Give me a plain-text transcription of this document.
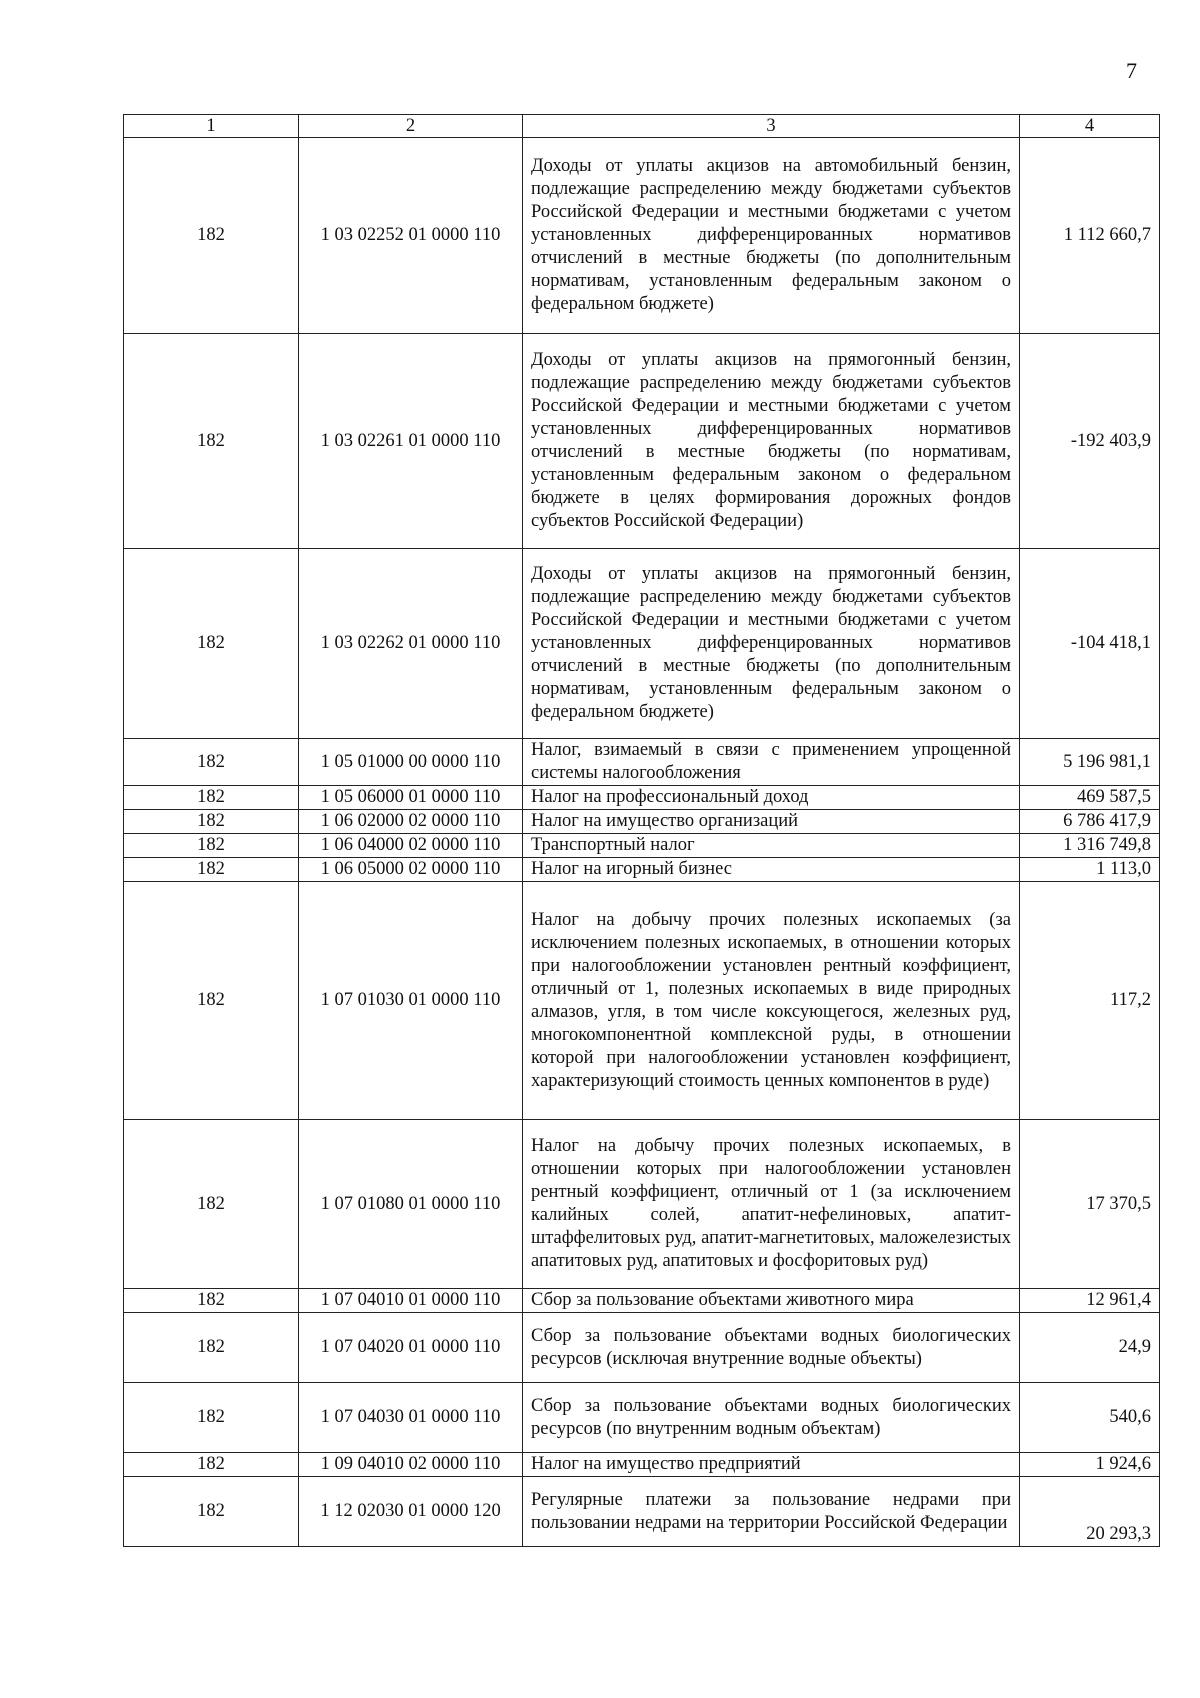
7
1	2	3	4
182	1 03 02252 01 0000 110	Доходы от уплаты акцизов на автомобильный бензин, подлежащие распределению между бюджетами субъектов Российской Федерации и местными бюджетами с учетом установленных дифференцированных нормативов отчислений в местные бюджеты (по дополнительным нормативам, установленным федеральным законом о федеральном бюджете)	1 112 660,7
182	1 03 02261 01 0000 110	Доходы от уплаты акцизов на прямогонный бензин, подлежащие распределению между бюджетами субъектов Российской Федерации и местными бюджетами с учетом установленных дифференцированных нормативов отчислений в местные бюджеты (по нормативам, установленным федеральным законом о федеральном бюджете в целях формирования дорожных фондов субъектов Российской Федерации)	-192 403,9
182	1 03 02262 01 0000 110	Доходы от уплаты акцизов на прямогонный бензин, подлежащие распределению между бюджетами субъектов Российской Федерации и местными бюджетами с учетом установленных дифференцированных нормативов отчислений в местные бюджеты (по дополнительным нормативам, установленным федеральным законом о федеральном бюджете)	-104 418,1
182	1 05 01000 00 0000 110	Налог, взимаемый в связи с применением упрощенной системы налогообложения	5 196 981,1
182	1 05 06000 01 0000 110	Налог на профессиональный доход	469 587,5
182	1 06 02000 02 0000 110	Налог на имущество организаций	6 786 417,9
182	1 06 04000 02 0000 110	Транспортный налог	1 316 749,8
182	1 06 05000 02 0000 110	Налог на игорный бизнес	1 113,0
182	1 07 01030 01 0000 110	Налог на добычу прочих полезных ископаемых (за исключением полезных ископаемых, в отношении которых при налогообложении установлен рентный коэффициент, отличный от 1, полезных ископаемых в виде природных алмазов, угля, в том числе коксующегося, железных руд, многокомпонентной комплексной руды, в отношении которой при налогообложении установлен коэффициент, характеризующий стоимость ценных компонентов в руде)	117,2
182	1 07 01080 01 0000 110	Налог на добычу прочих полезных ископаемых, в отношении которых при налогообложении установлен рентный коэффициент, отличный от 1 (за исключением калийных солей, апатит-нефелиновых, апатит-штаффелитовых руд, апатит-магнетитовых, маложелезистых апатитовых руд, апатитовых и фосфоритовых руд)	17 370,5
182	1 07 04010 01 0000 110	Сбор за пользование объектами животного мира	12 961,4
182	1 07 04020 01 0000 110	Сбор за пользование объектами водных биологических ресурсов (исключая внутренние водные объекты)	24,9
182	1 07 04030 01 0000 110	Сбор за пользование объектами водных биологических ресурсов (по внутренним водным объектам)	540,6
182	1 09 04010 02 0000 110	Налог на имущество предприятий	1 924,6
182	1 12 02030 01 0000 120	Регулярные платежи за пользование недрами при пользовании недрами на территории Российской Федерации	20 293,3
